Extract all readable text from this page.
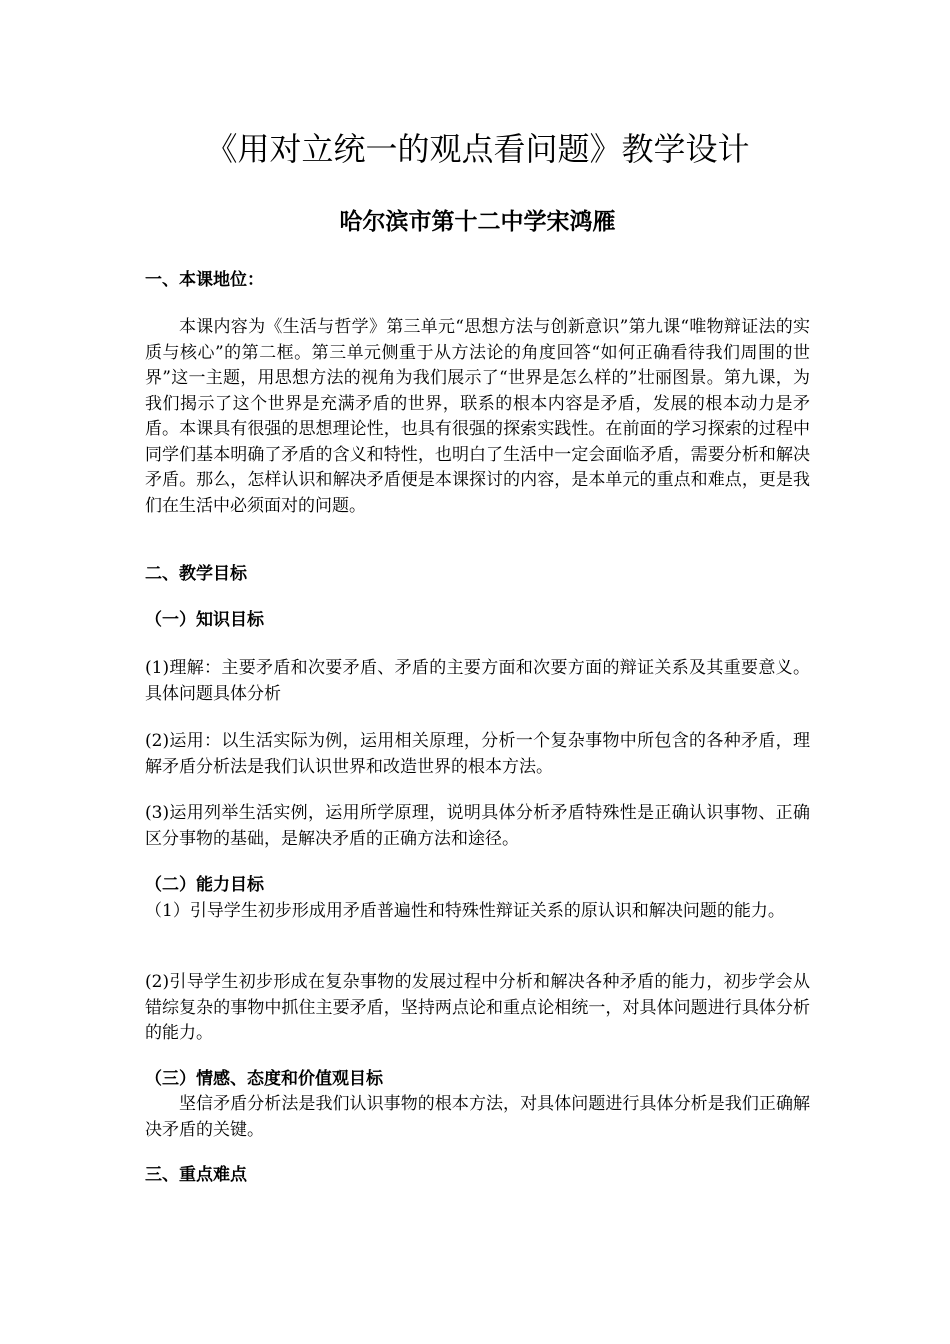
《用对立统一的观点看问题》教学设计
哈尔滨市第十二中学宋鸿雁
一、本课地位：
本课内容为《生活与哲学》第三单元“思想方法与创新意识”第九课“唯物辩证法的实质与核心”的第二框。第三单元侧重于从方法论的角度回答“如何正确看待我们周围的世界”这一主题，用思想方法的视角为我们展示了“世界是怎么样的”壮丽图景。第九课，为我们揭示了这个世界是充满矛盾的世界，联系的根本内容是矛盾，发展的根本动力是矛盾。本课具有很强的思想理论性，也具有很强的探索实践性。在前面的学习探索的过程中同学们基本明确了矛盾的含义和特性，也明白了生活中一定会面临矛盾，需要分析和解决矛盾。那么，怎样认识和解决矛盾便是本课探讨的内容，是本单元的重点和难点，更是我们在生活中必须面对的问题。
二、教学目标
（一）知识目标
(1)理解：主要矛盾和次要矛盾、矛盾的主要方面和次要方面的辩证关系及其重要意义。具体问题具体分析
(2)运用：以生活实际为例，运用相关原理，分析一个复杂事物中所包含的各种矛盾，理解矛盾分析法是我们认识世界和改造世界的根本方法。
(3)运用列举生活实例，运用所学原理，说明具体分析矛盾特殊性是正确认识事物、正确区分事物的基础，是解决矛盾的正确方法和途径。
（二）能力目标
（1）引导学生初步形成用矛盾普遍性和特殊性辩证关系的原认识和解决问题的能力。
(2)引导学生初步形成在复杂事物的发展过程中分析和解决各种矛盾的能力，初步学会从错综复杂的事物中抓住主要矛盾，坚持两点论和重点论相统一，对具体问题进行具体分析的能力。
（三）情感、态度和价值观目标
坚信矛盾分析法是我们认识事物的根本方法，对具体问题进行具体分析是我们正确解决矛盾的关键。
三、重点难点
